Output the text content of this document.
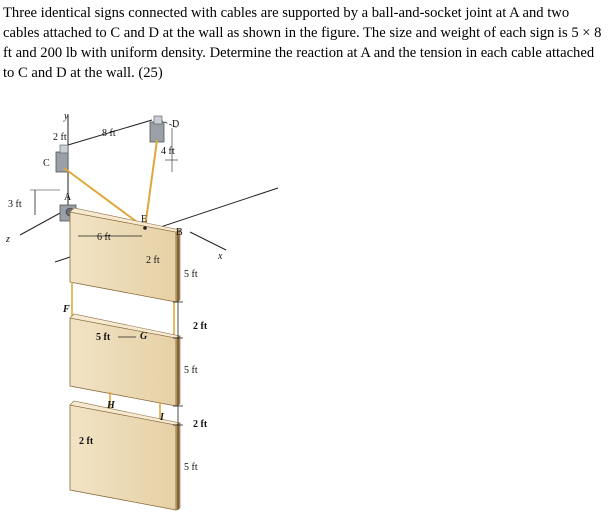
Three identical signs connected with cables are supported by a ball-and-socket joint at A and two cables attached to C and D at the wall as shown in the figure. The size and weight of each sign is 5 × 8 ft and 200 lb with uniform density. Determine the reaction at A and the tension in each cable attached to C and D at the wall. (25)

y
x
z
A
B
C
D
E
F
G
H
I
2 ft	8 ft
4 ft
3 ft
6 ft
2 ft
5 ft
2 ft
5 ft
5 ft
2 ft
2 ft
5 ft
